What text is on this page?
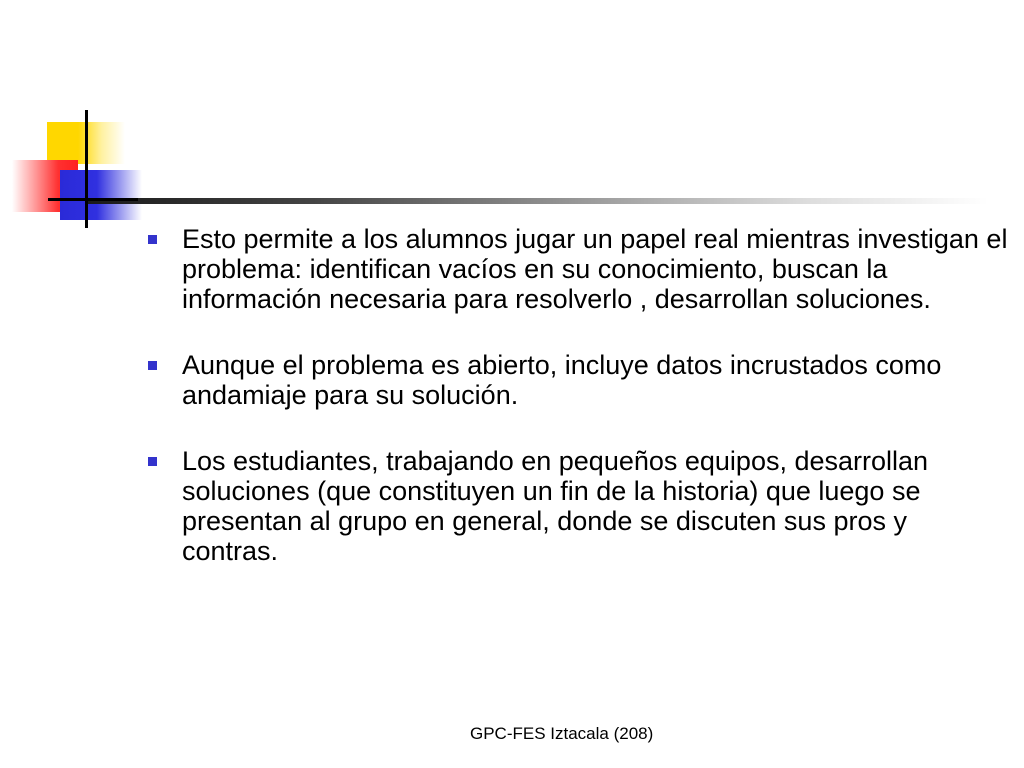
Esto permite a los alumnos jugar un papel real mientras investigan el problema: identifican vacíos en su conocimiento, buscan la información necesaria para resolverlo , desarrollan soluciones.
Aunque el problema es abierto, incluye datos incrustados como andamiaje para su solución.
Los estudiantes, trabajando en pequeños equipos, desarrollan soluciones (que constituyen un fin de la historia) que luego se presentan al grupo en general, donde se discuten sus pros y contras.
GPC-FES Iztacala (208)
